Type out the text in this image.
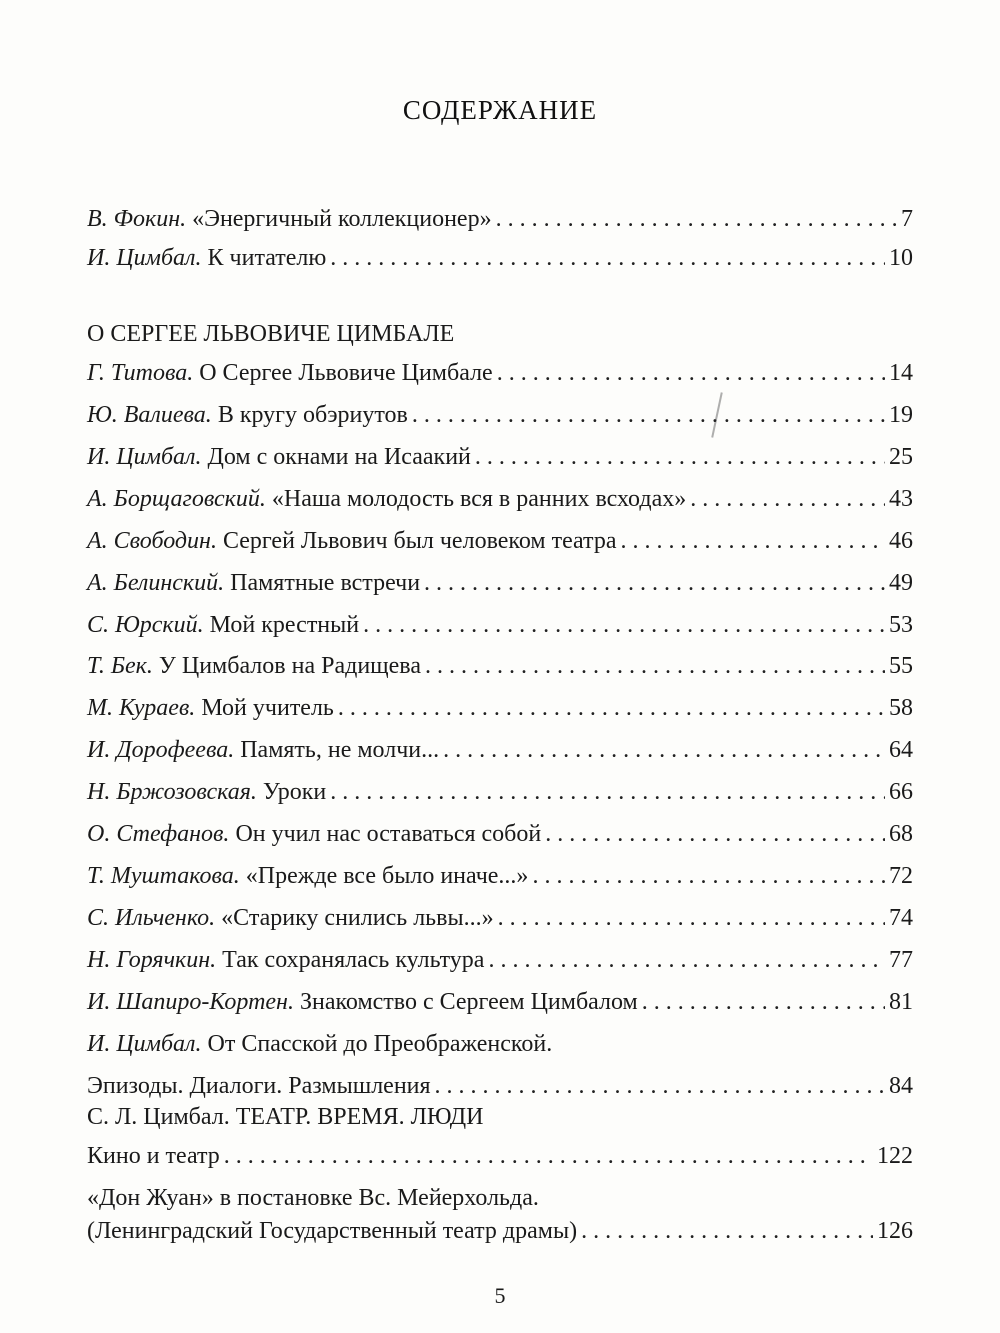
СОДЕРЖАНИЕ
В. Фокин. «Энергичный коллекционер» . . .	7
И. Цимбал. К читателю . . .	10
О СЕРГЕЕ ЛЬВОВИЧЕ ЦИМБАЛЕ
Г. Титова. О Сергее Львовиче Цимбале . . .	14
Ю. Валиева. В кругу обэриутов . . .	19
И. Цимбал. Дом с окнами на Исаакий . . .	25
А. Борщаговский. «Наша молодость вся в ранних всходах» . . .	43
А. Свободин. Сергей Львович был человеком театра . . .	46
А. Белинский. Памятные встречи . . .	49
С. Юрский. Мой крестный . . .	53
Т. Бек. У Цимбалов на Радищева . . .	55
М. Кураев. Мой учитель . . .	58
И. Дорофеева. Память, не молчи... . . .	64
Н. Бржозовская. Уроки . . .	66
О. Стефанов. Он учил нас оставаться собой . . .	68
Т. Муштакова. «Прежде все было иначе...» . . .	72
С. Ильченко. «Старику снились львы...» . . .	74
Н. Горячкин. Так сохранялась культура . . .	77
И. Шапиро-Кортен. Знакомство с Сергеем Цимбалом . . .	81
И. Цимбал. От Спасской до Преображенской.
Эпизоды. Диалоги. Размышления . . .	84
С. Л. Цимбал. ТЕАТР. ВРЕМЯ. ЛЮДИ
Кино и театр . . .	122
«Дон Жуан» в постановке Вс. Мейерхольда.
(Ленинградский Государственный театр драмы) . . .	126
5
